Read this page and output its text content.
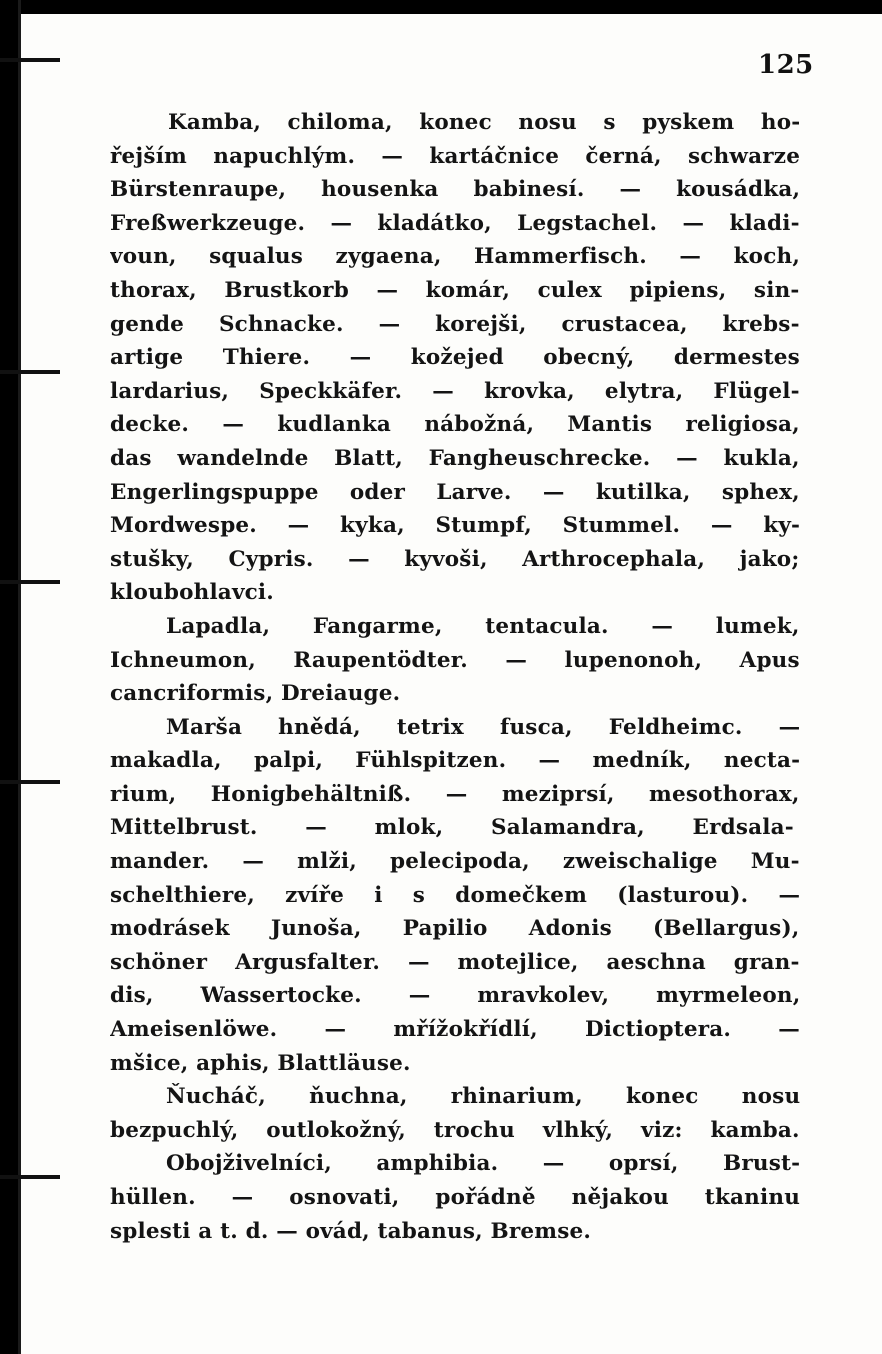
125
Kamba, chiloma, konec nosu s pyskem ho-
řejším napuchlým. — kartáčnice černá, schwarze
Bürstenraupe, housenka babinesí. — kousádka,
Freßwerkzeuge. — kladátko, Legstachel. — kladi-
voun, squalus zygaena, Hammerfisch. — koch,
thorax, Brustkorb — komár, culex pipiens, sin-
gende Schnacke. — korejši, crustacea, krebs-
artige Thiere. — kožejed obecný, dermestes
lardarius, Speckkäfer. — krovka, elytra, Flügel-
decke. — kudlanka nábožná, Mantis religiosa,
das wandelnde Blatt, Fangheuschrecke. — kukla,
Engerlingspuppe oder Larve. — kutilka, sphex,
Mordwespe. — kyka, Stumpf, Stummel. — ky-
stušky, Cypris. — kyvoši, Arthrocephala, jako;
kloubohlavci.
Lapadla, Fangarme, tentacula. — lumek,
Ichneumon, Raupentödter. — lupenonoh, Apus
cancriformis, Dreiauge.
Marša hnědá, tetrix fusca, Feldheimc. —
makadla, palpi, Fühlspitzen. — medník, necta-
rium, Honigbehältniß. — meziprsí, mesothorax,
Mittelbrust. — mlok, Salamandra, Erdsala-
mander. — mlži, pelecipoda, zweischalige Mu-
schelthiere, zvíře i s domečkem (lasturou). —
modrásek Junoša, Papilio Adonis (Bellargus),
schöner Argusfalter. — motejlice, aeschna gran-
dis, Wassertocke. — mravkolev, myrmeleon,
Ameisenlöwe. — mřížokřídlí, Dictioptera. —
mšice, aphis, Blattläuse.
Ňucháč, ňuchna, rhinarium, konec nosu
bezpuchlý, outlokožný, trochu vlhký, viz: kamba.
Obojživelníci, amphibia. — oprsí, Brust-
hüllen. — osnovati, pořádně nějakou tkaninu
splesti a t. d. — ovád, tabanus, Bremse.
